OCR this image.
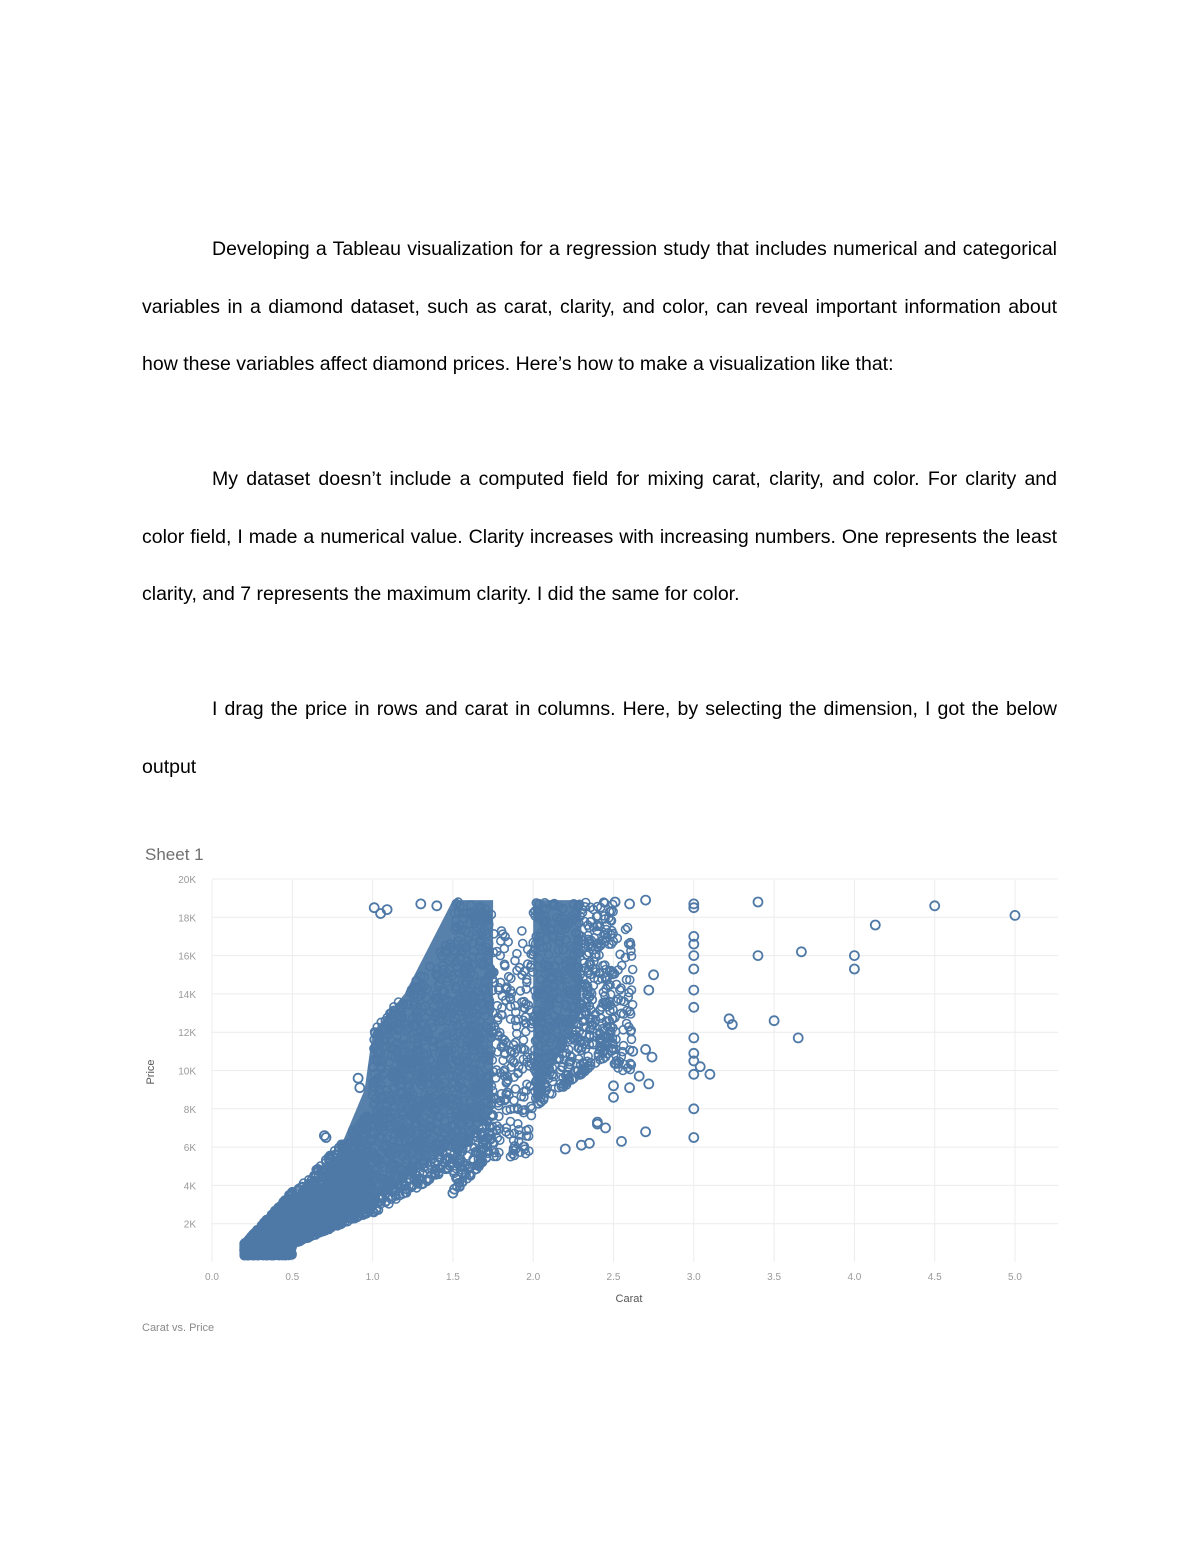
Developing a Tableau visualization for a regression study that includes numerical and categorical variables in a diamond dataset, such as carat, clarity, and color, can reveal important information about how these variables affect diamond prices. Here’s how to make a visualization like that:

My dataset doesn’t include a computed field for mixing carat, clarity, and color. For clarity and color field, I made a numerical value. Clarity increases with increasing numbers. One represents the least clarity, and 7 represents the maximum clarity. I did the same for color.

I drag the price in rows and carat in columns. Here, by selecting the dimension, I got the below output

Sheet 1
2K
4K
6K
8K
10K
12K
14K
16K
18K
20K
0.0	0.5	1.0	1.5	2.0	2.5	3.0	3.5	4.0	4.5	5.0
Carat
Price
Carat vs. Price
